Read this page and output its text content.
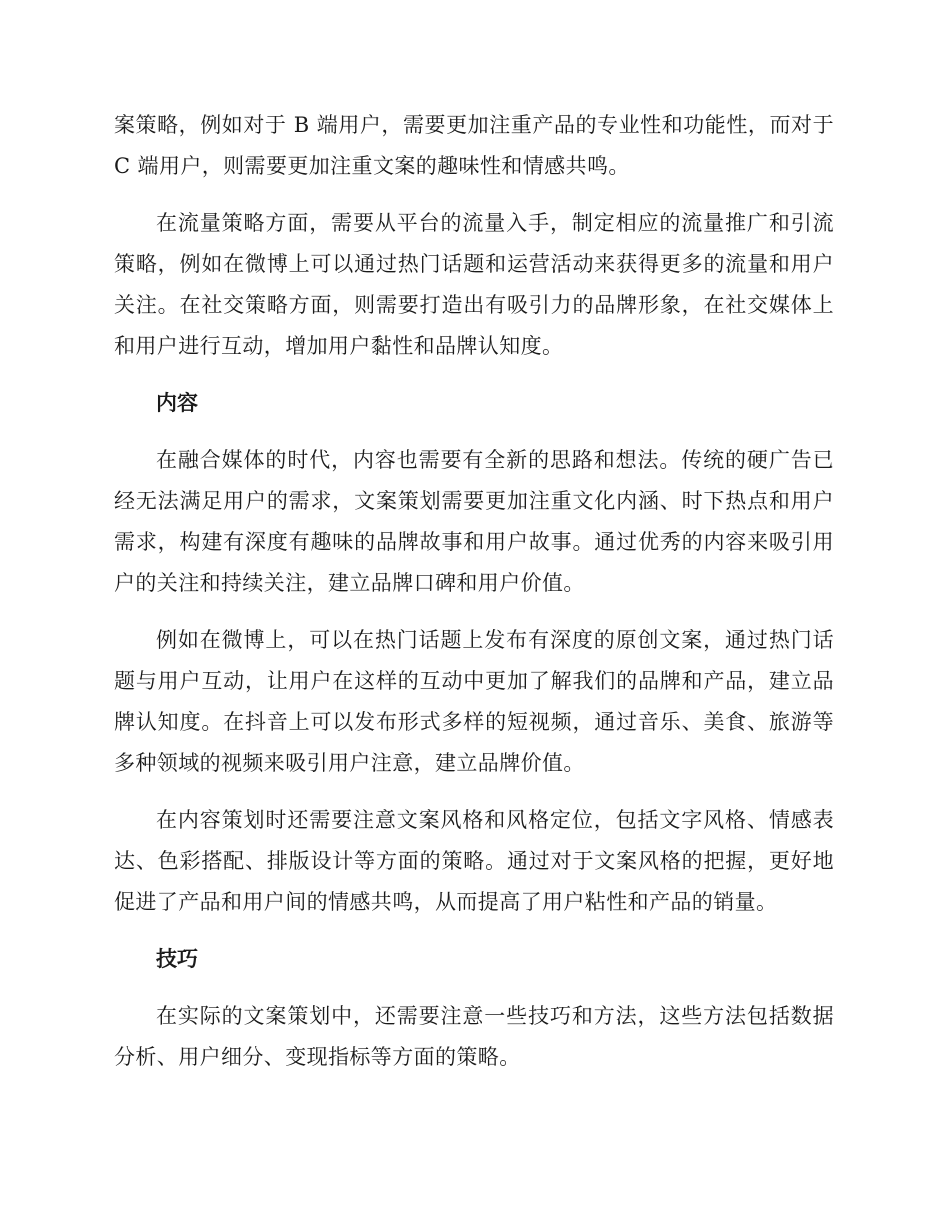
案策略，例如对于 B 端用户，需要更加注重产品的专业性和功能性，而对于 C 端用户，则需要更加注重文案的趣味性和情感共鸣。

在流量策略方面，需要从平台的流量入手，制定相应的流量推广和引流策略，例如在微博上可以通过热门话题和运营活动来获得更多的流量和用户关注。在社交策略方面，则需要打造出有吸引力的品牌形象，在社交媒体上和用户进行互动，增加用户黏性和品牌认知度。

内容

在融合媒体的时代，内容也需要有全新的思路和想法。传统的硬广告已经无法满足用户的需求，文案策划需要更加注重文化内涵、时下热点和用户需求，构建有深度有趣味的品牌故事和用户故事。通过优秀的内容来吸引用户的关注和持续关注，建立品牌口碑和用户价值。

例如在微博上，可以在热门话题上发布有深度的原创文案，通过热门话题与用户互动，让用户在这样的互动中更加了解我们的品牌和产品，建立品牌认知度。在抖音上可以发布形式多样的短视频，通过音乐、美食、旅游等多种领域的视频来吸引用户注意，建立品牌价值。

在内容策划时还需要注意文案风格和风格定位，包括文字风格、情感表达、色彩搭配、排版设计等方面的策略。通过对于文案风格的把握，更好地促进了产品和用户间的情感共鸣，从而提高了用户粘性和产品的销量。

技巧

在实际的文案策划中，还需要注意一些技巧和方法，这些方法包括数据分析、用户细分、变现指标等方面的策略。
